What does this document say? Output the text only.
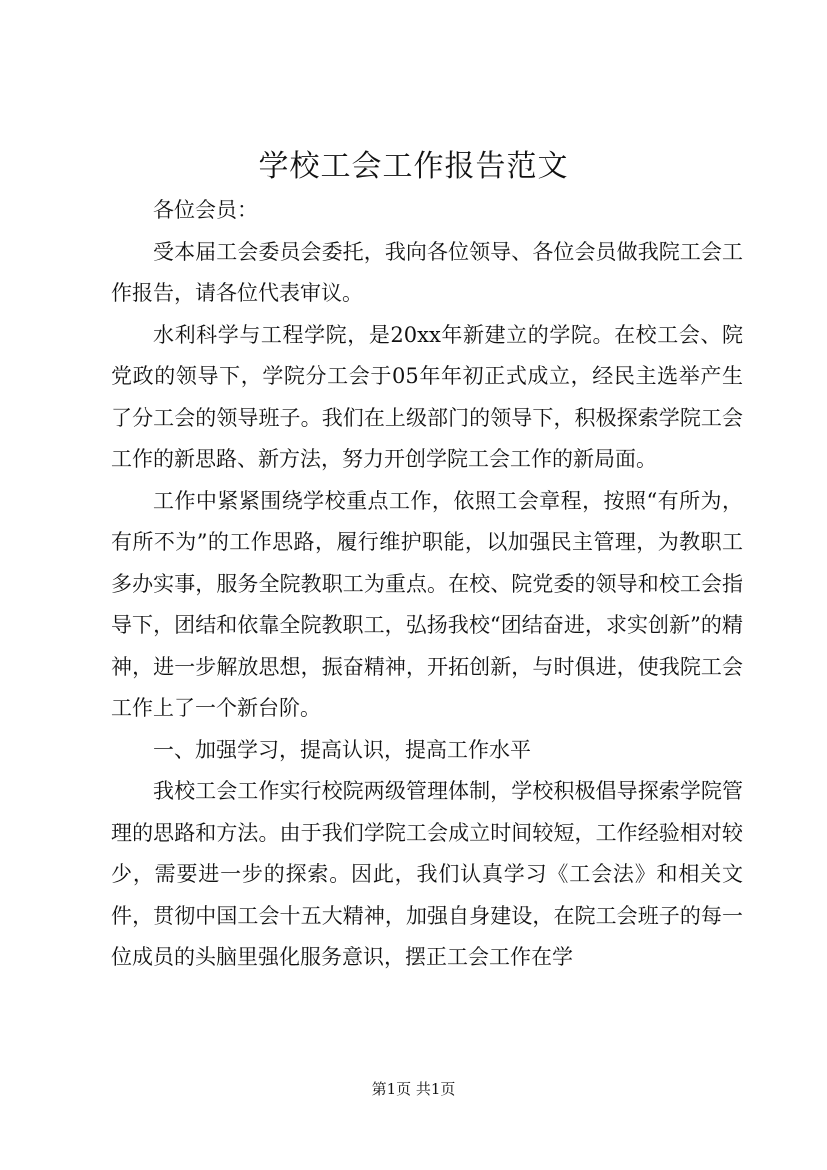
学校工会工作报告范文

各位会员：

受本届工会委员会委托，我向各位领导、各位会员做我院工会工作报告，请各位代表审议。

水利科学与工程学院，是20xx年新建立的学院。在校工会、院党政的领导下，学院分工会于05年年初正式成立，经民主选举产生了分工会的领导班子。我们在上级部门的领导下，积极探索学院工会工作的新思路、新方法，努力开创学院工会工作的新局面。

工作中紧紧围绕学校重点工作，依照工会章程，按照“有所为，有所不为”的工作思路，履行维护职能，以加强民主管理，为教职工多办实事，服务全院教职工为重点。在校、院党委的领导和校工会指导下，团结和依靠全院教职工，弘扬我校“团结奋进，求实创新”的精神，进一步解放思想，振奋精神，开拓创新，与时俱进，使我院工会工作上了一个新台阶。

一、加强学习，提高认识，提高工作水平

我校工会工作实行校院两级管理体制，学校积极倡导探索学院管理的思路和方法。由于我们学院工会成立时间较短，工作经验相对较少，需要进一步的探索。因此，我们认真学习《工会法》和相关文件，贯彻中国工会十五大精神，加强自身建设，在院工会班子的每一位成员的头脑里强化服务意识，摆正工会工作在学

第1页 共1页
